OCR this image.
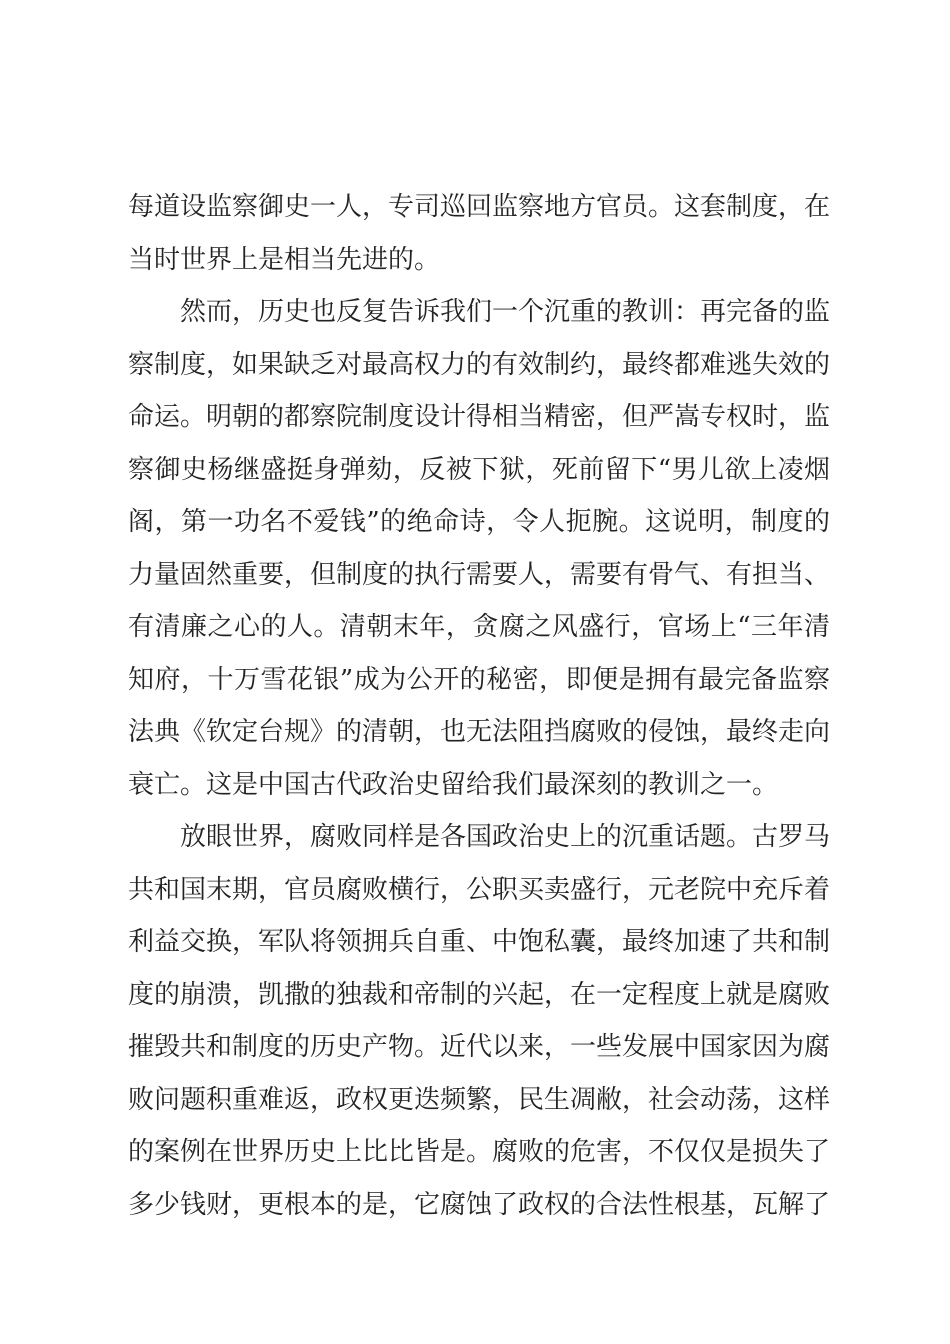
每道设监察御史一人，专司巡回监察地方官员。这套制度，在
当时世界上是相当先进的。
然而，历史也反复告诉我们一个沉重的教训：再完备的监
察制度，如果缺乏对最高权力的有效制约，最终都难逃失效的
命运。明朝的都察院制度设计得相当精密，但严嵩专权时，监
察御史杨继盛挺身弹劾，反被下狱，死前留下“男儿欲上凌烟
阁，第一功名不爱钱”的绝命诗，令人扼腕。这说明，制度的
力量固然重要，但制度的执行需要人，需要有骨气、有担当、
有清廉之心的人。清朝末年，贪腐之风盛行，官场上“三年清
知府，十万雪花银”成为公开的秘密，即便是拥有最完备监察
法典《钦定台规》的清朝，也无法阻挡腐败的侵蚀，最终走向
衰亡。这是中国古代政治史留给我们最深刻的教训之一。
放眼世界，腐败同样是各国政治史上的沉重话题。古罗马
共和国末期，官员腐败横行，公职买卖盛行，元老院中充斥着
利益交换，军队将领拥兵自重、中饱私囊，最终加速了共和制
度的崩溃，凯撒的独裁和帝制的兴起，在一定程度上就是腐败
摧毁共和制度的历史产物。近代以来，一些发展中国家因为腐
败问题积重难返，政权更迭频繁，民生凋敝，社会动荡，这样
的案例在世界历史上比比皆是。腐败的危害，不仅仅是损失了
多少钱财，更根本的是，它腐蚀了政权的合法性根基，瓦解了
